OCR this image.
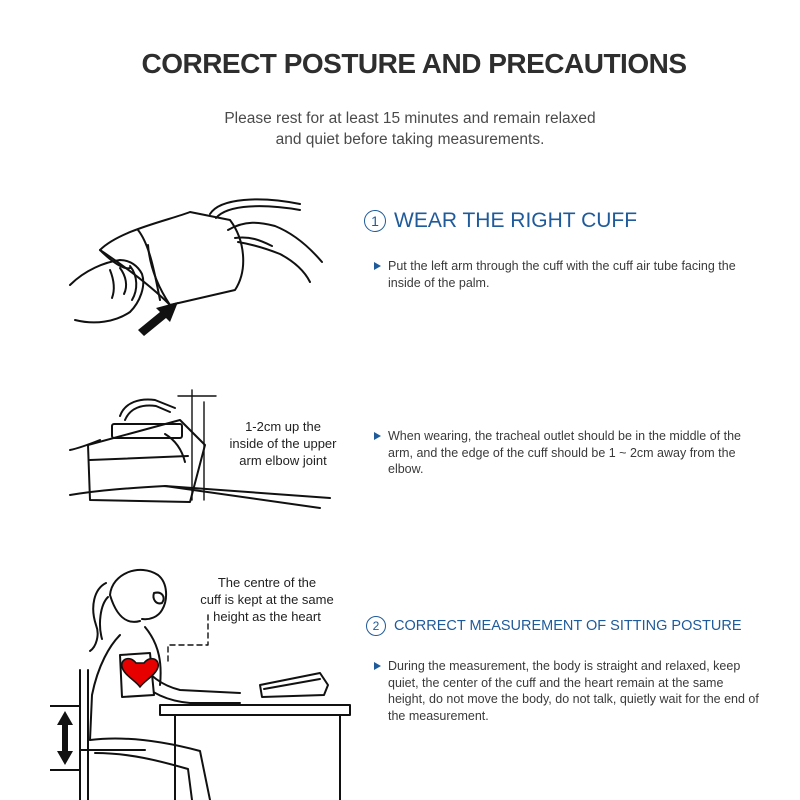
CORRECT POSTURE AND PRECAUTIONS
Please rest for at least 15 minutes and remain relaxed
and quiet before taking measurements.
1 WEAR THE RIGHT CUFF
Put the left arm through the cuff with the cuff air tube facing the inside of the palm.
1-2cm up the
inside of the upper
arm elbow joint
When wearing, the tracheal outlet should be in the middle of the arm, and the edge of the cuff should be 1 ~ 2cm away from the elbow.
The centre of the
cuff is kept at the same
height as the heart
2	CORRECT MEASUREMENT OF SITTING POSTURE
During the measurement, the body is straight and relaxed, keep quiet, the center of the cuff and the heart remain at the same height, do not move the body, do not talk, quietly wait for the end of the measurement.
